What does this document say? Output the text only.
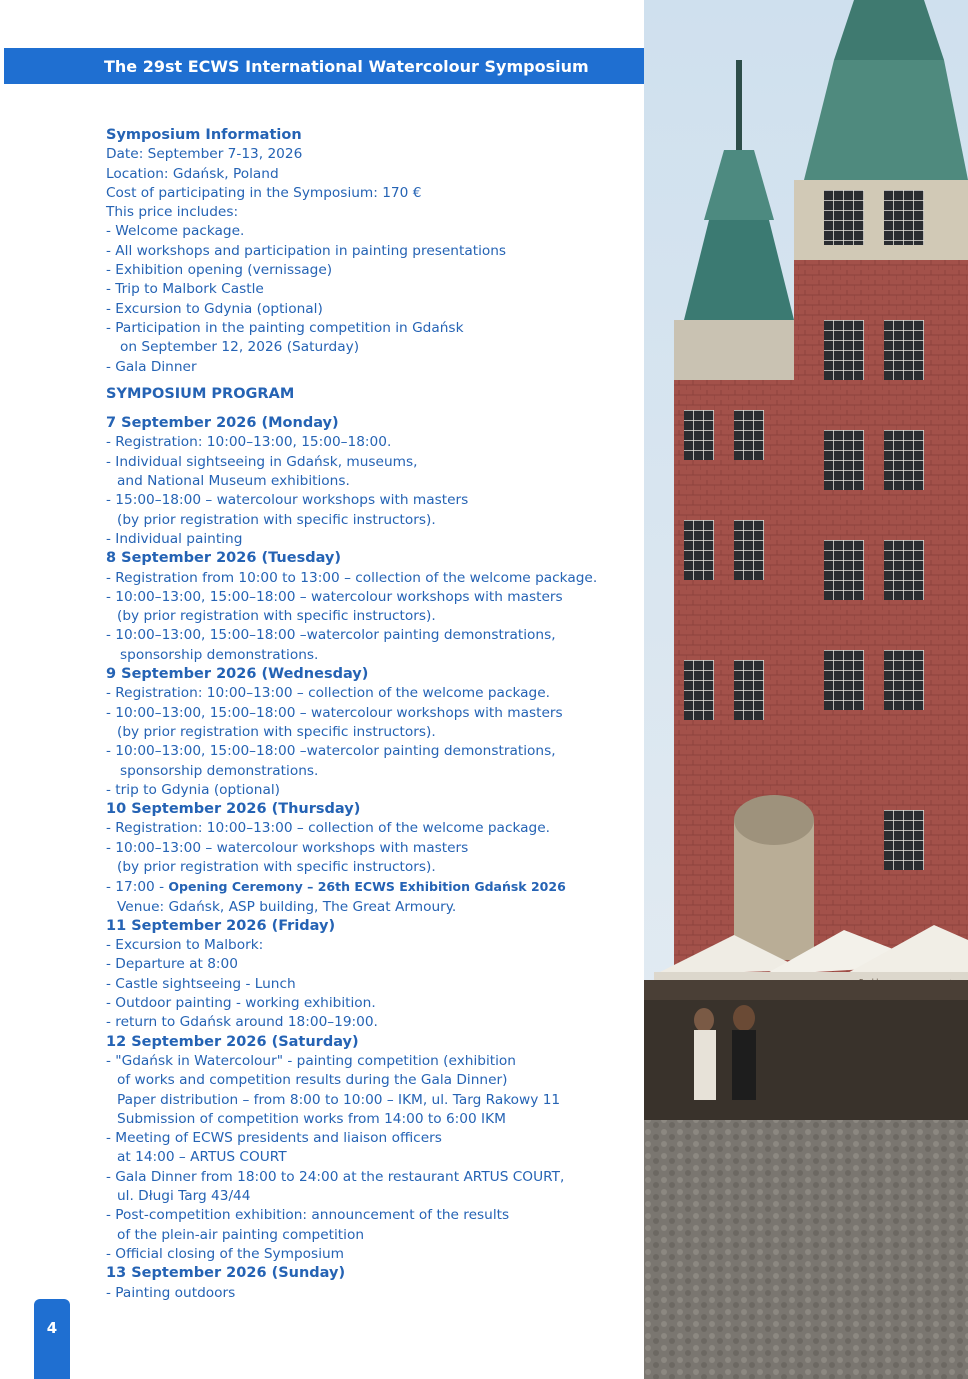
The 29st ECWS International Watercolour Symposium
Symposium Information
Date: September 7-13, 2026
Location: Gdańsk, Poland
Cost of participating in the Symposium: 170 €
This price includes:
- Welcome package.
- All workshops and participation in painting presentations
- Exhibition opening (vernissage)
- Trip to Malbork Castle
- Excursion to Gdynia (optional)
- Participation in the painting competition in Gdańsk
on September 12, 2026 (Saturday)
- Gala Dinner
SYMPOSIUM PROGRAM
7 September 2026 (Monday)
- Registration: 10:00–13:00, 15:00–18:00.
- Individual sightseeing in Gdańsk, museums,
and National Museum exhibitions.
- 15:00–18:00 – watercolour workshops with masters
(by prior registration with specific instructors).
- Individual painting
8 September 2026 (Tuesday)
- Registration from 10:00 to 13:00 – collection of the welcome package.
- 10:00–13:00, 15:00–18:00 – watercolour workshops with masters
(by prior registration with specific instructors).
- 10:00–13:00, 15:00–18:00 –watercolor painting demonstrations,
sponsorship demonstrations.
9 September 2026 (Wednesday)
- Registration: 10:00–13:00 – collection of the welcome package.
- 10:00–13:00, 15:00–18:00 – watercolour workshops with masters
(by prior registration with specific instructors).
- 10:00–13:00, 15:00–18:00 –watercolor painting demonstrations,
sponsorship demonstrations.
- trip to Gdynia (optional)
10 September 2026 (Thursday)
- Registration: 10:00–13:00 – collection of the welcome package.
- 10:00–13:00 – watercolour workshops with masters
(by prior registration with specific instructors).
- 17:00 - Opening Ceremony – 26th ECWS Exhibition Gdańsk 2026
Venue: Gdańsk, ASP building, The Great Armoury.
11 September 2026 (Friday)
- Excursion to Malbork:
- Departure at 8:00
- Castle sightseeing - Lunch
- Outdoor painting - working exhibition.
- return to Gdańsk around 18:00–19:00.
12 September 2026 (Saturday)
- "Gdańsk in Watercolour" - painting competition (exhibition
of works and competition results during the Gala Dinner)
Paper distribution – from 8:00 to 10:00 – IKM, ul. Targ Rakowy 11
Submission of competition works from 14:00 to 6:00 IKM
- Meeting of ECWS presidents and liaison officers
at 14:00 – ARTUS COURT
- Gala Dinner from 18:00 to 24:00 at the restaurant ARTUS COURT,
ul. Długi Targ 43/44
- Post-competition exhibition: announcement of the results
of the plein-air painting competition
- Official closing of the Symposium
13 September 2026 (Sunday)
- Painting outdoors
4
